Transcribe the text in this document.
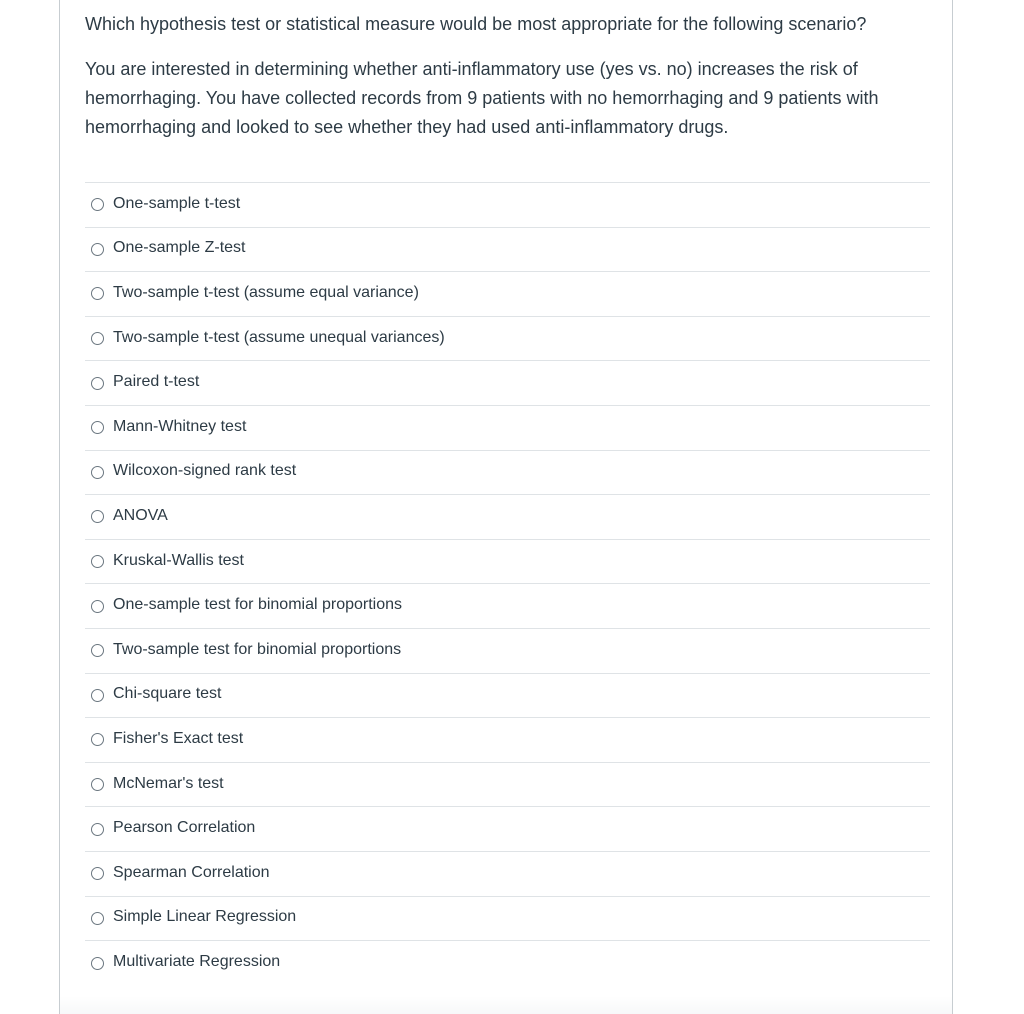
Which hypothesis test or statistical measure would be most appropriate for the following scenario?

You are interested in determining whether anti-inflammatory use (yes vs. no) increases the risk of hemorrhaging. You have collected records from 9 patients with no hemorrhaging and 9 patients with hemorrhaging and looked to see whether they had used anti-inflammatory drugs.

One-sample t-test
One-sample Z-test
Two-sample t-test (assume equal variance)
Two-sample t-test (assume unequal variances)
Paired t-test
Mann-Whitney test
Wilcoxon-signed rank test
ANOVA
Kruskal-Wallis test
One-sample test for binomial proportions
Two-sample test for binomial proportions
Chi-square test
Fisher's Exact test
McNemar's test
Pearson Correlation
Spearman Correlation
Simple Linear Regression
Multivariate Regression
